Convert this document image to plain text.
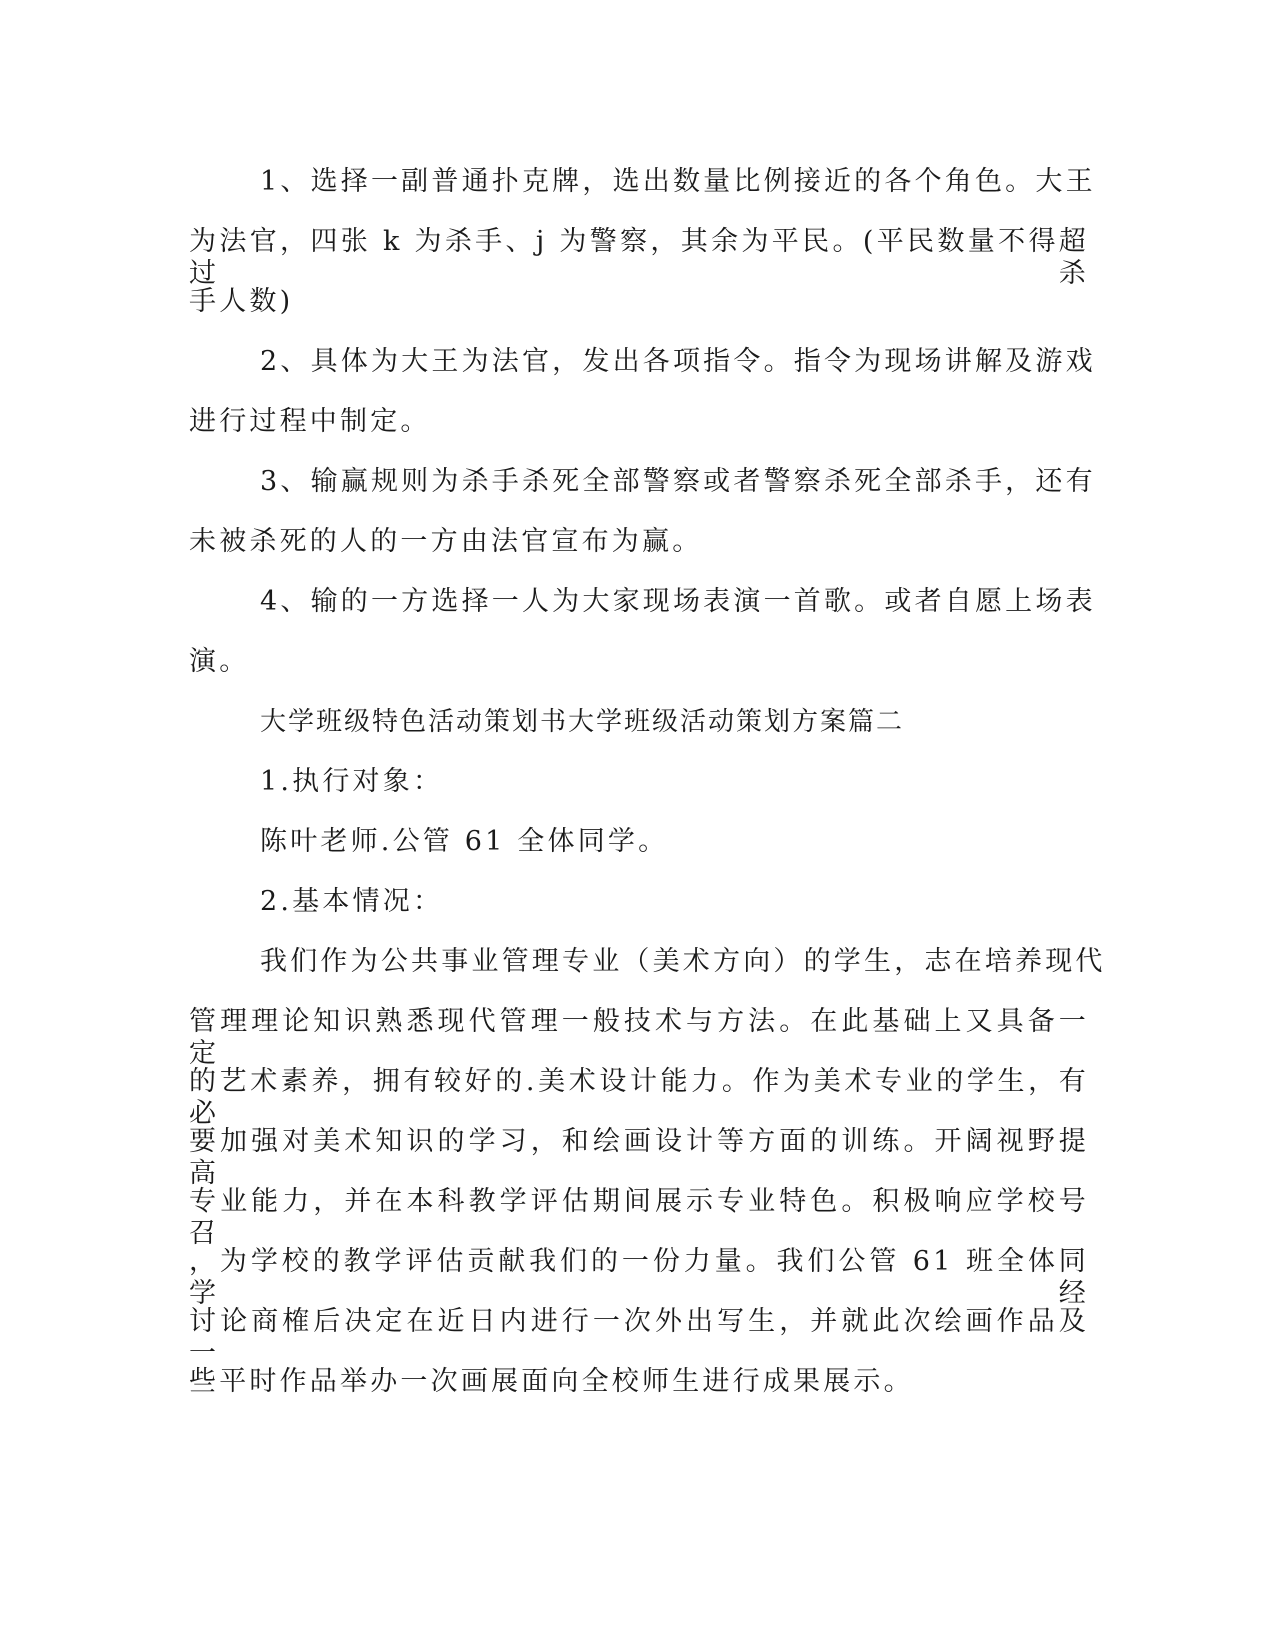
1、选择一副普通扑克牌，选出数量比例接近的各个角色。大王
为法官，四张 k 为杀手、j 为警察，其余为平民。(平民数量不得超过杀
手人数)
2、具体为大王为法官，发出各项指令。指令为现场讲解及游戏
进行过程中制定。
3、输赢规则为杀手杀死全部警察或者警察杀死全部杀手，还有
未被杀死的人的一方由法官宣布为赢。
4、输的一方选择一人为大家现场表演一首歌。或者自愿上场表
演。
大学班级特色活动策划书大学班级活动策划方案篇二
1.执行对象：
陈叶老师.公管 61 全体同学。
2.基本情况：
我们作为公共事业管理专业（美术方向）的学生，志在培养现代
管理理论知识熟悉现代管理一般技术与方法。在此基础上又具备一定
的艺术素养，拥有较好的.美术设计能力。作为美术专业的学生，有必
要加强对美术知识的学习，和绘画设计等方面的训练。开阔视野提高
专业能力，并在本科教学评估期间展示专业特色。积极响应学校号召
，为学校的教学评估贡献我们的一份力量。我们公管 61 班全体同学经
讨论商榷后决定在近日内进行一次外出写生，并就此次绘画作品及一
些平时作品举办一次画展面向全校师生进行成果展示。
